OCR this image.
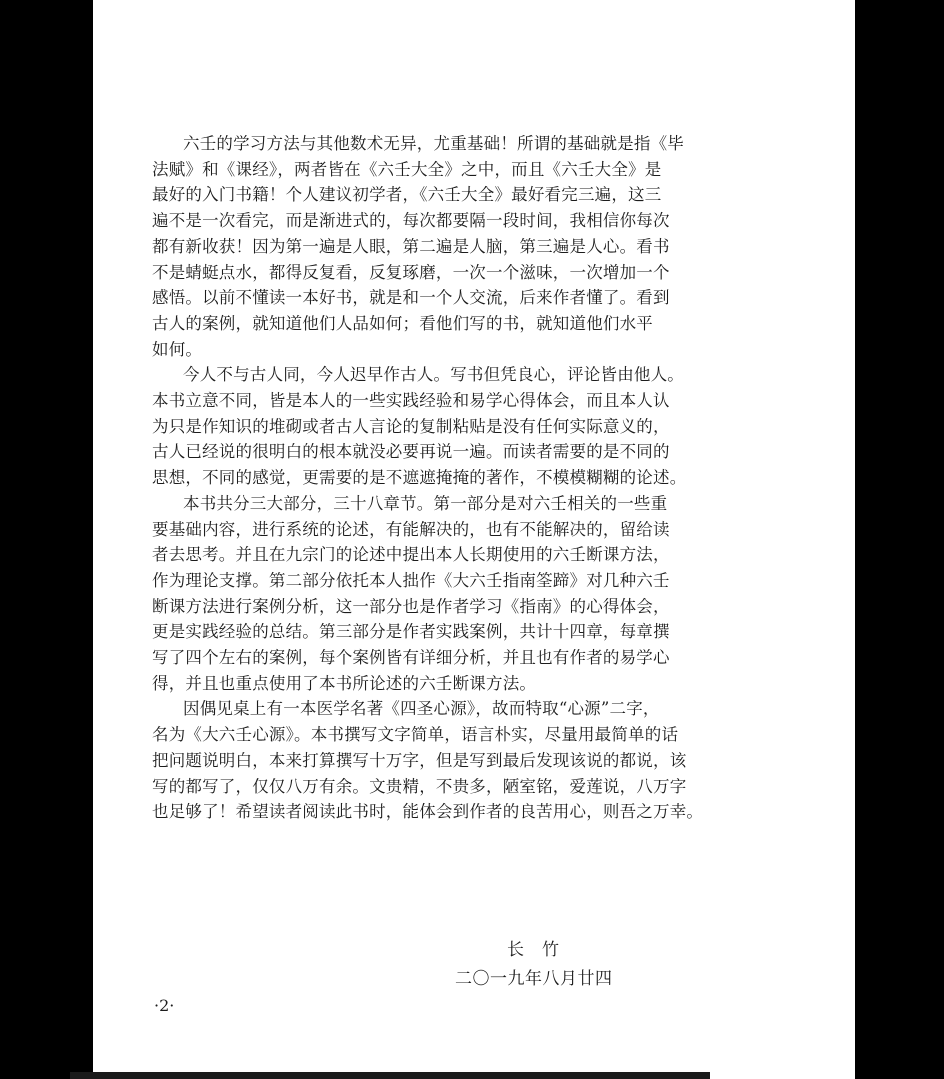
六壬的学习方法与其他数术无异，尤重基础！所谓的基础就是指《毕
法赋》和《课经》，两者皆在《六壬大全》之中，而且《六壬大全》是
最好的入门书籍！个人建议初学者，《六壬大全》最好看完三遍，这三
遍不是一次看完，而是渐进式的，每次都要隔一段时间，我相信你每次
都有新收获！因为第一遍是人眼，第二遍是人脑，第三遍是人心。看书
不是蜻蜓点水，都得反复看，反复琢磨，一次一个滋味，一次增加一个
感悟。以前不懂读一本好书，就是和一个人交流，后来作者懂了。看到
古人的案例，就知道他们人品如何；看他们写的书，就知道他们水平
如何。

今人不与古人同，今人迟早作古人。写书但凭良心，评论皆由他人。
本书立意不同，皆是本人的一些实践经验和易学心得体会，而且本人认
为只是作知识的堆砌或者古人言论的复制粘贴是没有任何实际意义的，
古人已经说的很明白的根本就没必要再说一遍。而读者需要的是不同的
思想，不同的感觉，更需要的是不遮遮掩掩的著作，不模模糊糊的论述。

本书共分三大部分，三十八章节。第一部分是对六壬相关的一些重
要基础内容，进行系统的论述，有能解决的，也有不能解决的，留给读
者去思考。并且在九宗门的论述中提出本人长期使用的六壬断课方法，
作为理论支撑。第二部分依托本人拙作《大六壬指南筌蹄》对几种六壬
断课方法进行案例分析，这一部分也是作者学习《指南》的心得体会，
更是实践经验的总结。第三部分是作者实践案例，共计十四章，每章撰
写了四个左右的案例，每个案例皆有详细分析，并且也有作者的易学心
得，并且也重点使用了本书所论述的六壬断课方法。

因偶见桌上有一本医学名著《四圣心源》，故而特取“心源”二字，
名为《大六壬心源》。本书撰写文字简单，语言朴实，尽量用最简单的话
把问题说明白，本来打算撰写十万字，但是写到最后发现该说的都说，该
写的都写了，仅仅八万有余。文贵精，不贵多，陋室铭，爱莲说，八万字
也足够了！希望读者阅读此书时，能体会到作者的良苦用心，则吾之万幸。

长竹
二〇一九年八月廿四
·2·
